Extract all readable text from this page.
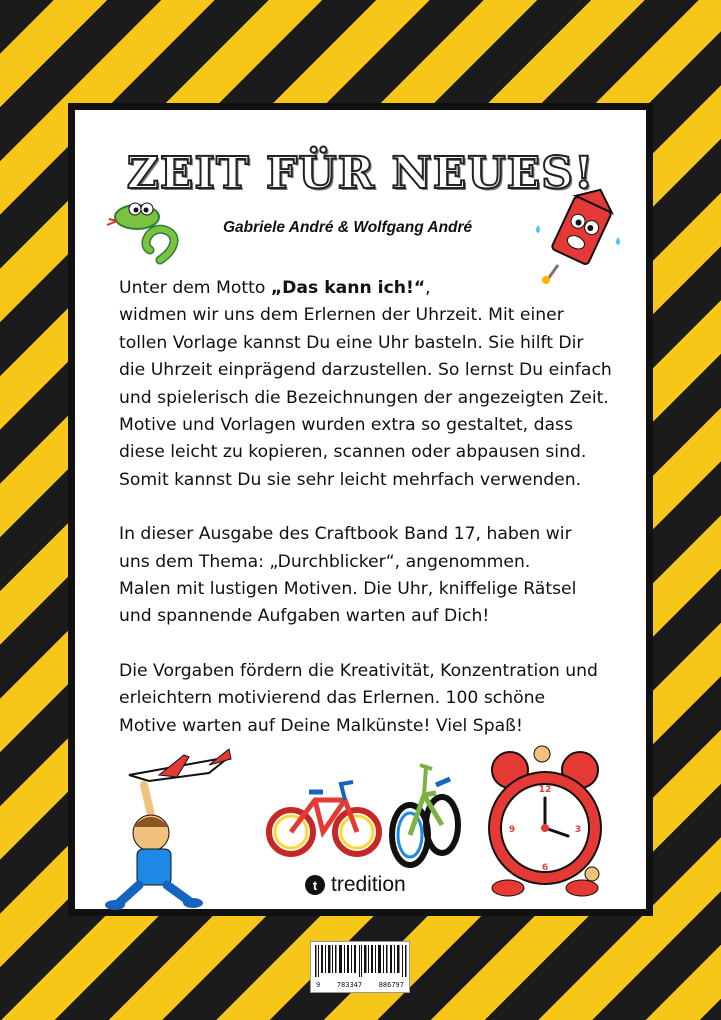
ZEIT FÜR NEUES!
Gabriele André & Wolfgang André

Unter dem Motto „Das kann ich!“,
widmen wir uns dem Erlernen der Uhrzeit. Mit einer
tollen Vorlage kannst Du eine Uhr basteln. Sie hilft Dir
die Uhrzeit einprägend darzustellen. So lernst Du einfach
und spielerisch die Bezeichnungen der angezeigten Zeit.
Motive und Vorlagen wurden extra so gestaltet, dass
diese leicht zu kopieren, scannen oder abpausen sind.
Somit kannst Du sie sehr leicht mehrfach verwenden.

In dieser Ausgabe des Craftbook Band 17, haben wir
uns dem Thema: „Durchblicker“, angenommen.
Malen mit lustigen Motiven. Die Uhr, kniffelige Rätsel
und spannende Aufgaben warten auf Dich!

Die Vorgaben fördern die Kreativität, Konzentration und
erleichtern motivierend das Erlernen. 100 schöne
Motive warten auf Deine Malkünste! Viel Spaß!

t tredition
12
3
6
9
9 783347 886797
